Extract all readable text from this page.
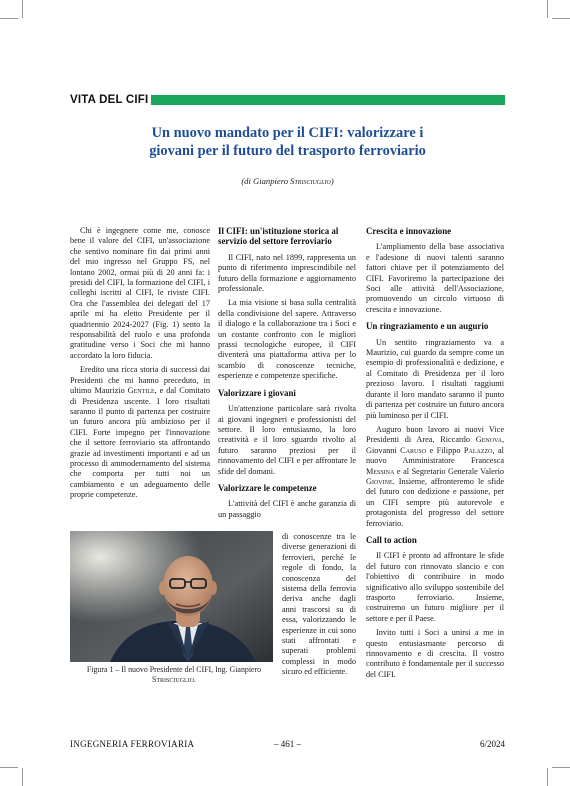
VITA DEL CIFI
Un nuovo mandato per il CIFI: valorizzare i
giovani per il futuro del trasporto ferroviario
(di Gianpiero Strisciuglio)

Chi è ingegnere come me, conosce bene il valore del CIFI, un'associazione che sentivo nominare fin dai primi anni del mio ingresso nel Gruppo FS, nel lontano 2002, ormai più di 20 anni fa: i presidi del CIFI, la formazione del CIFI, i colleghi iscritti al CIFI, le riviste CIFI. Ora che l'assemblea dei delegati del 17 aprile mi ha eletto Presidente per il quadriennio 2024-2027 (Fig. 1) sento la responsabilità del ruolo e una profonda gratitudine verso i Soci che mi hanno accordato la loro fiducia.

Eredito una ricca storia di successi dai Presidenti che mi hanno preceduto, in ultimo Maurizio Gentile, e dal Comitato di Presidenza uscente. I loro risultati saranno il punto di partenza per costruire un futuro ancora più ambizioso per il CIFI. Forte impegno per l'innovazione che il settore ferroviario sta affrontando grazie ad investimenti importanti e ad un processo di ammodernamento del sistema che comporta per tutti noi un cambiamento e un adeguamento delle proprie competenze.

Figura 1 – Il nuovo Presidente del CIFI, Ing. Gianpiero Strisciuglio.
Il CIFI: un'istituzione storica al servizio del settore ferroviario

Il CIFI, nato nel 1899, rappresenta un punto di riferimento imprescindibile nel futuro della formazione e aggiornamento professionale.

La mia visione si basa sulla centralità della condivisione del sapere. Attraverso il dialogo e la collaborazione tra i Soci e un costante confronto con le migliori prassi tecnologiche europee, il CIFI diventerà una piattaforma attiva per lo scambio di conoscenze tecniche, esperienze e competenze specifiche.

Valorizzare i giovani

Un'attenzione particolare sarà rivolta ai giovani ingegneri e professionisti del settore. Il loro entusiasmo, la loro creatività e il loro sguardo rivolto al futuro saranno preziosi per il rinnovamento del CIFI e per affrontare le sfide del domani.

Valorizzare le competenze

L'attività del CIFI è anche garanzia di un passaggio

di conoscenze tra le diverse generazioni di ferrovieri, perché le regole di fondo, la conoscenza del sistema della ferrovia deriva anche dagli anni trascorsi su di essa, valorizzando le esperienze in cui sono stati affrontati e superati problemi complessi in modo sicuro ed efficiente.
Crescita e innovazione

L'ampliamento della base associativa e l'adesione di nuovi talenti saranno fattori chiave per il potenziamento del CIFI. Favoriremo la partecipazione dei Soci alle attività dell'Associazione, promuovendo un circolo virtuoso di crescita e innovazione.

Un ringraziamento e un augurio

Un sentito ringraziamento va a Maurizio, cui guardo da sempre come un esempio di professionalità e dedizione, e al Comitato di Presidenza per il loro prezioso lavoro. I risultati raggiunti durante il loro mandato saranno il punto di partenza per costruire un futuro ancora più luminoso per il CIFI.

Auguro buon lavoro ai nuovi Vice Presidenti di Area, Riccardo Genova, Giovanni Caruso e Filippo Palazzo, al nuovo Amministratore Francesca Messina e al Segretario Generale Valerio Giovine. Insieme, affronteremo le sfide del futuro con dedizione e passione, per un CIFI sempre più autorevole e protagonista del progresso del settore ferroviario.

Call to action

Il CIFI è pronto ad affrontare le sfide del futuro con rinnovato slancio e con l'obiettivo di contribuire in modo significativo allo sviluppo sostenibile del trasporto ferroviario. Insieme, costruiremo un futuro migliore per il settore e per il Paese.

Invito tutti i Soci a unirsi a me in questo entusiasmante percorso di rinnovamento e di crescita. Il vostro contributo è fondamentale per il successo del CIFI.

INGEGNERIA FERROVIARIA	– 461 –	6/2024
